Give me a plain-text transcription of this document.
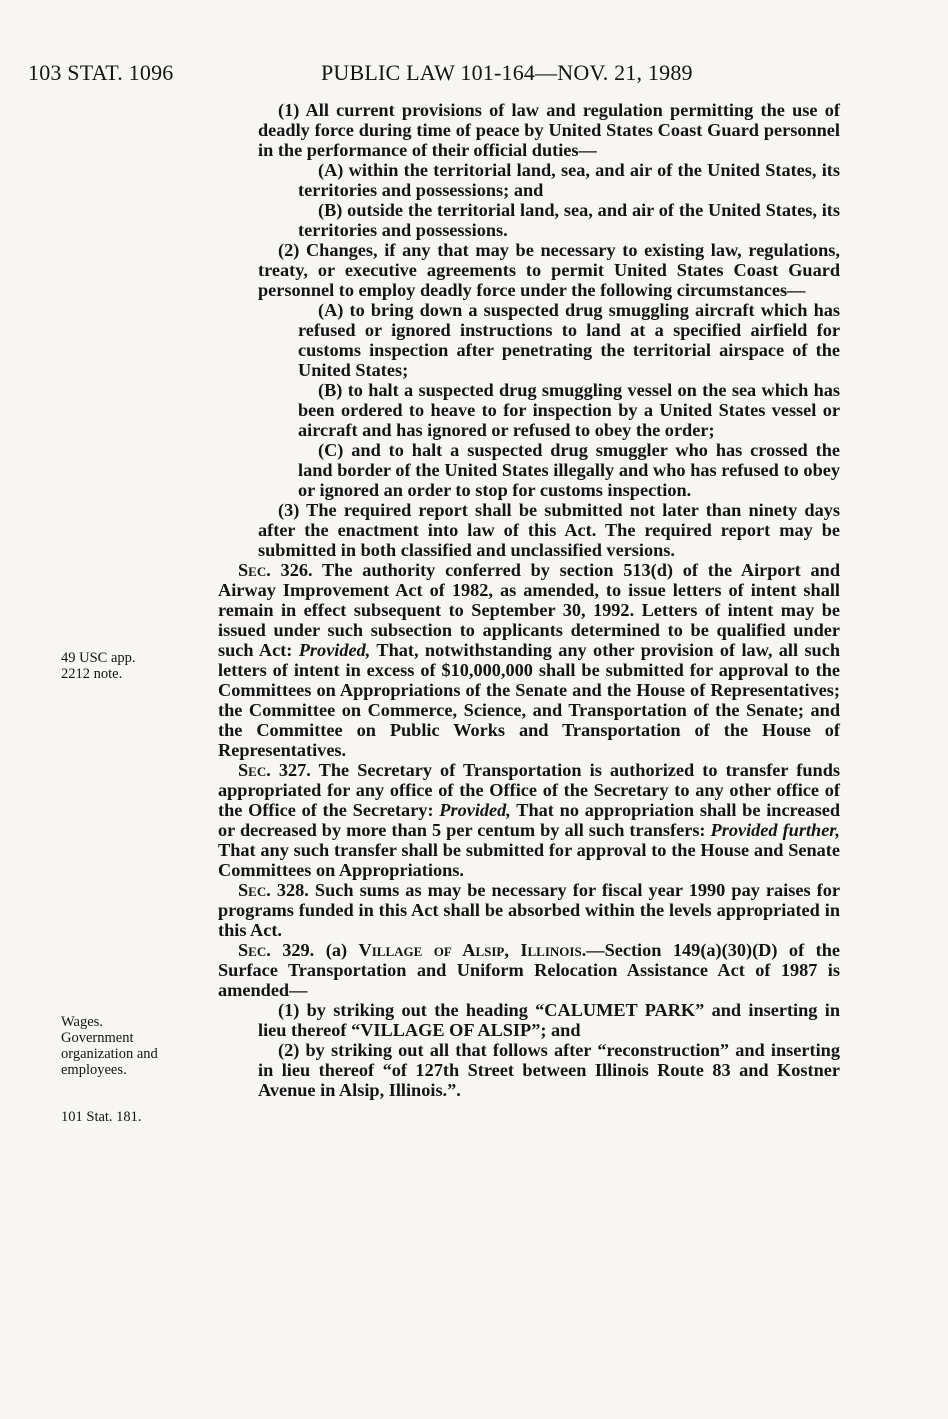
103 STAT. 1096	PUBLIC LAW 101-164—NOV. 21, 1989
49 USC app.
2212 note.
Wages.
Government
organization and
employees.
101 Stat. 181.

(1) All current provisions of law and regulation permitting the use of deadly force during time of peace by United States Coast Guard personnel in the performance of their official duties—

(A) within the territorial land, sea, and air of the United States, its territories and possessions; and

(B) outside the territorial land, sea, and air of the United States, its territories and possessions.

(2) Changes, if any that may be necessary to existing law, regulations, treaty, or executive agreements to permit United States Coast Guard personnel to employ deadly force under the following circumstances—

(A) to bring down a suspected drug smuggling aircraft which has refused or ignored instructions to land at a specified airfield for customs inspection after penetrating the territorial airspace of the United States;

(B) to halt a suspected drug smuggling vessel on the sea which has been ordered to heave to for inspection by a United States vessel or aircraft and has ignored or refused to obey the order;

(C) and to halt a suspected drug smuggler who has crossed the land border of the United States illegally and who has refused to obey or ignored an order to stop for customs inspection.

(3) The required report shall be submitted not later than ninety days after the enactment into law of this Act. The required report may be submitted in both classified and unclassified versions.

Sec. 326. The authority conferred by section 513(d) of the Airport and Airway Improvement Act of 1982, as amended, to issue letters of intent shall remain in effect subsequent to September 30, 1992. Letters of intent may be issued under such subsection to applicants determined to be qualified under such Act: Provided, That, notwithstanding any other provision of law, all such letters of intent in excess of $10,000,000 shall be submitted for approval to the Committees on Appropriations of the Senate and the House of Representatives; the Committee on Commerce, Science, and Transportation of the Senate; and the Committee on Public Works and Transportation of the House of Representatives.

Sec. 327. The Secretary of Transportation is authorized to transfer funds appropriated for any office of the Office of the Secretary to any other office of the Office of the Secretary: Provided, That no appropriation shall be increased or decreased by more than 5 per centum by all such transfers: Provided further, That any such transfer shall be submitted for approval to the House and Senate Committees on Appropriations.

Sec. 328. Such sums as may be necessary for fiscal year 1990 pay raises for programs funded in this Act shall be absorbed within the levels appropriated in this Act.

Sec. 329. (a) Village of Alsip, Illinois.—Section 149(a)(30)(D) of the Surface Transportation and Uniform Relocation Assistance Act of 1987 is amended—

(1) by striking out the heading “CALUMET PARK” and inserting in lieu thereof “VILLAGE OF ALSIP”; and

(2) by striking out all that follows after “reconstruction” and inserting in lieu thereof “of 127th Street between Illinois Route 83 and Kostner Avenue in Alsip, Illinois.”.
